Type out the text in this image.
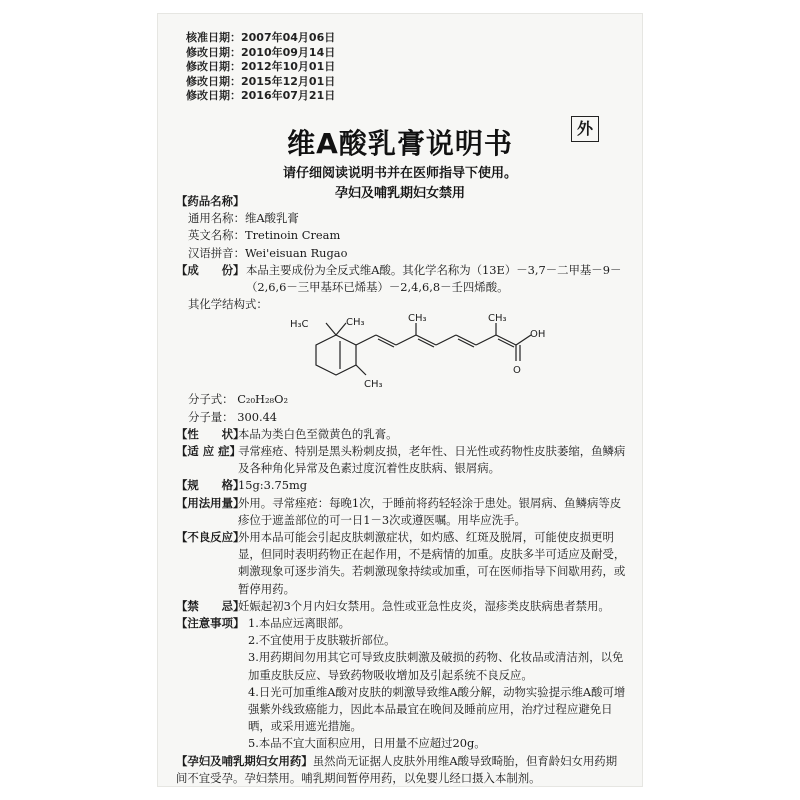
核准日期：2007年04月06日
修改日期：2010年09月14日
修改日期：2012年10月01日
修改日期：2015年12月01日
修改日期：2016年07月21日
维A酸乳膏说明书	外
请仔细阅读说明书并在医师指导下使用。
孕妇及哺乳期妇女禁用
【药品名称】
通用名称： 维A酸乳膏
英文名称： Tretinoin Cream
汉语拼音： Wei'eisuan Rugao
【成　　份】 本品主要成份为全反式维A酸。其化学名称为（13E）－3,7－二甲基－9－（2,6,6－三甲基环已烯基）－2,4,6,8－壬四烯酸。
其化学结构式：
H₃C	CH₃	CH₃	CH₃
CH₃
OH
O
分子式： C₂₀H₂₈O₂
分子量： 300.44
【性　　状】
本品为类白色至微黄色的乳膏。
【适 应 症】
寻常痤疮、特别是黑头粉刺皮损，老年性、日光性或药物性皮肤萎缩，鱼鳞病及各种角化异常及色素过度沉着性皮肤病、银屑病。
【规　　格】
15g:3.75mg
【用法用量】
外用。寻常痤疮：每晚1次，于睡前将药轻轻涂于患处。银屑病、鱼鳞病等皮疹位于遮盖部位的可一日1－3次或遵医嘱。用毕应洗手。
【不良反应】
外用本品可能会引起皮肤刺激症状，如灼感、红斑及脱屑，可能使皮损更明显，但同时表明药物正在起作用，不是病情的加重。皮肤多半可适应及耐受，刺激现象可逐步消失。若刺激现象持续或加重，可在医师指导下间歇用药，或暂停用药。
【禁　　忌】
妊娠起初3个月内妇女禁用。急性或亚急性皮炎，湿疹类皮肤病患者禁用。
【注意事项】 1.本品应远离眼部。
2.不宜使用于皮肤皲折部位。
3.用药期间勿用其它可导致皮肤刺激及破损的药物、化妆品或清洁剂，以免加重皮肤反应、导致药物吸收增加及引起系统不良反应。
4.日光可加重维A酸对皮肤的刺激导致维A酸分解，动物实验提示维A酸可增强紫外线致癌能力，因此本品最宜在晚间及睡前应用，治疗过程应避免日晒，或采用遮光措施。
5.本品不宜大面积应用，日用量不应超过20g。
【孕妇及哺乳期妇女用药】虽然尚无证据人皮肤外用维A酸导致畸胎，但育龄妇女用药期间不宜受孕。孕妇禁用。哺乳期间暂停用药，以免婴儿经口摄入本制剂。
